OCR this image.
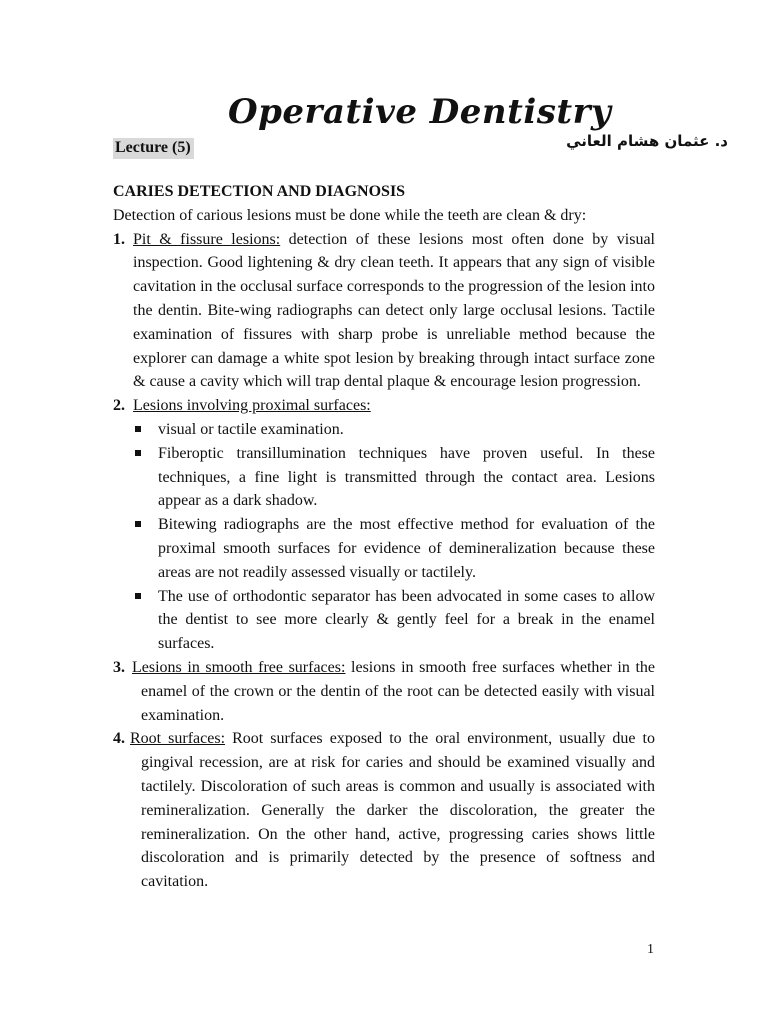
Operative Dentistry
د. عثمان هشام العاني
Lecture (5)
CARIES DETECTION AND DIAGNOSIS
Detection of carious lesions must be done while the teeth are clean & dry:
1. Pit & fissure lesions: detection of these lesions most often done by visual inspection. Good lightening & dry clean teeth. It appears that any sign of visible cavitation in the occlusal surface corresponds to the progression of the lesion into the dentin. Bite-wing radiographs can detect only large occlusal lesions. Tactile examination of fissures with sharp probe is unreliable method because the explorer can damage a white spot lesion by breaking through intact surface zone & cause a cavity which will trap dental plaque & encourage lesion progression.
2. Lesions involving proximal surfaces:
visual or tactile examination.
Fiberoptic transillumination techniques have proven useful. In these techniques, a fine light is transmitted through the contact area. Lesions appear as a dark shadow.
Bitewing radiographs are the most effective method for evaluation of the proximal smooth surfaces for evidence of demineralization because these areas are not readily assessed visually or tactilely.
The use of orthodontic separator has been advocated in some cases to allow the dentist to see more clearly & gently feel for a break in the enamel surfaces.
3. Lesions in smooth free surfaces: lesions in smooth free surfaces whether in the enamel of the crown or the dentin of the root can be detected easily with visual examination.
4. Root surfaces: Root surfaces exposed to the oral environment, usually due to gingival recession, are at risk for caries and should be examined visually and tactilely. Discoloration of such areas is common and usually is associated with remineralization. Generally the darker the discoloration, the greater the remineralization. On the other hand, active, progressing caries shows little discoloration and is primarily detected by the presence of softness and cavitation.
1
